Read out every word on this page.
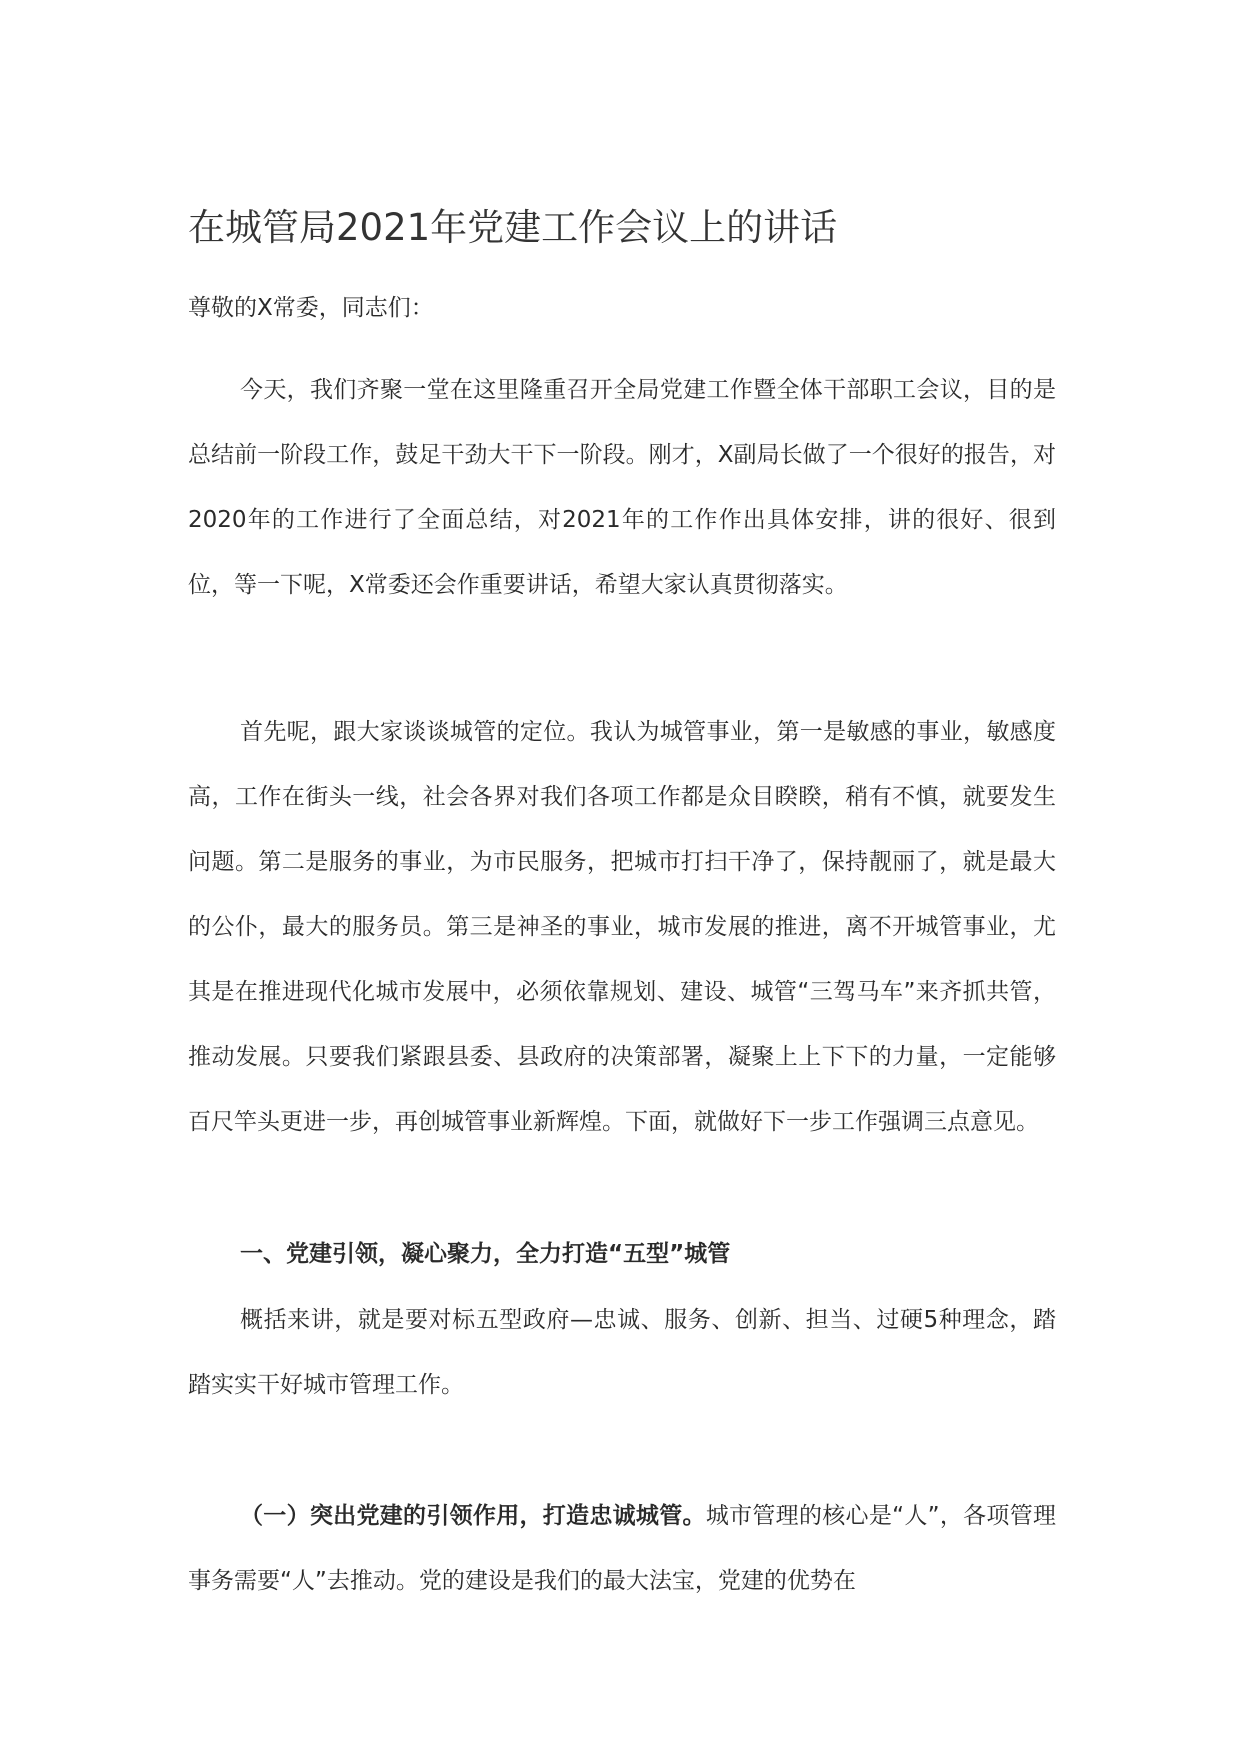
在城管局2021年党建工作会议上的讲话
尊敬的X常委，同志们：
今天，我们齐聚一堂在这里隆重召开全局党建工作暨全体干部职工会议，目的是总结前一阶段工作，鼓足干劲大干下一阶段。刚才，X副局长做了一个很好的报告，对2020年的工作进行了全面总结，对2021年的工作作出具体安排，讲的很好、很到位，等一下呢，X常委还会作重要讲话，希望大家认真贯彻落实。
首先呢，跟大家谈谈城管的定位。我认为城管事业，第一是敏感的事业，敏感度高，工作在街头一线，社会各界对我们各项工作都是众目睽睽，稍有不慎，就要发生问题。第二是服务的事业，为市民服务，把城市打扫干净了，保持靓丽了，就是最大的公仆，最大的服务员。第三是神圣的事业，城市发展的推进，离不开城管事业，尤其是在推进现代化城市发展中，必须依靠规划、建设、城管“三驾马车”来齐抓共管，推动发展。只要我们紧跟县委、县政府的决策部署，凝聚上上下下的力量，一定能够百尺竿头更进一步，再创城管事业新辉煌。下面，就做好下一步工作强调三点意见。
一、党建引领，凝心聚力，全力打造“五型”城管
概括来讲，就是要对标五型政府—忠诚、服务、创新、担当、过硬5种理念，踏踏实实干好城市管理工作。
（一）突出党建的引领作用，打造忠诚城管。城市管理的核心是“人”，各项管理事务需要“人”去推动。党的建设是我们的最大法宝，党建的优势在
